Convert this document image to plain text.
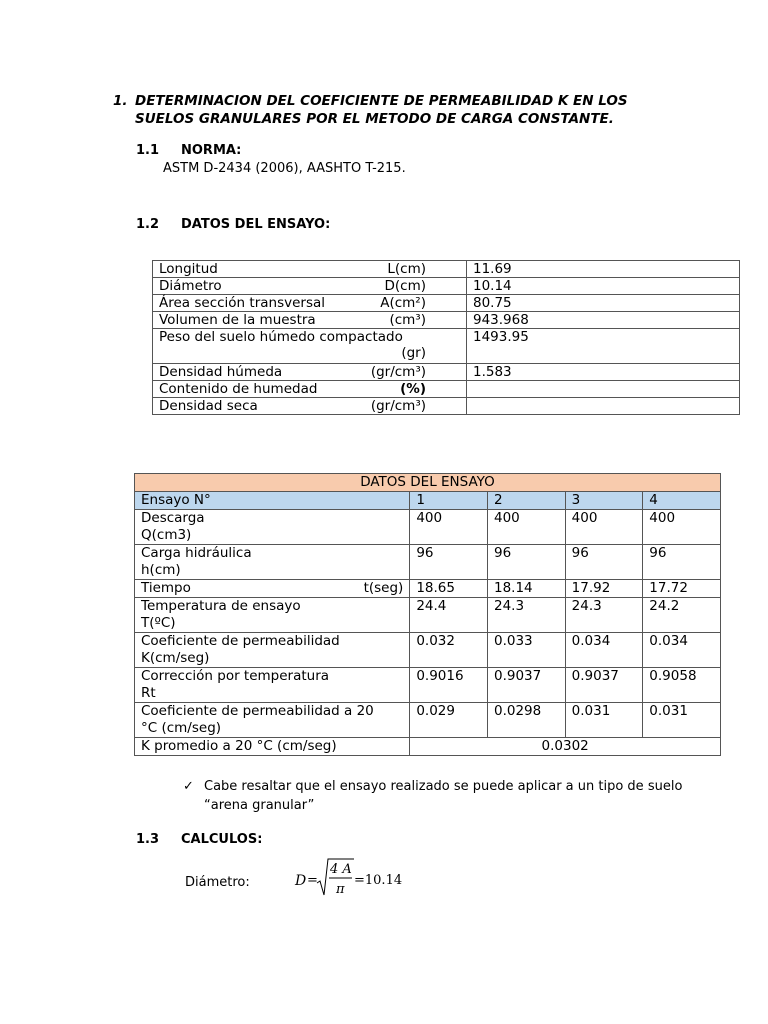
1. DETERMINACION DEL COEFICIENTE DE PERMEABILIDAD K EN LOS
SUELOS GRANULARES POR EL METODO DE CARGA CONSTANTE.
1.1 NORMA:
ASTM D-2434 (2006), AASHTO T-215.
1.2 DATOS DEL ENSAYO:
Longitud L(cm)	11.69
Diámetro D(cm)	10.14
Área sección transversal A(cm²)	80.75
Volumen de la muestra (cm³)	943.968

Peso del suelo húmedo compactado
(gr)	1493.95
Densidad húmeda (gr/cm³)	1.583
Contenido de humedad (%)	

Densidad seca (gr/cm³)	

DATOS DEL ENSAYO				
Ensayo N°	1	2	3	4

Descarga
Q(cm3)	400	400	400	400

Carga hidráulica
h(cm)	96	96	96	96
Tiempo t(seg)	18.65	18.14	17.92	17.72

Temperatura de ensayo
T(ºC)	24.4	24.3	24.3	24.2

Coeficiente de permeabilidad
K(cm/seg)	0.032	0.033	0.034	0.034

Corrección por temperatura
Rt	0.9016	0.9037	0.9037	0.9058

Coeficiente de permeabilidad a 20
°C (cm/seg)	0.029	0.0298	0.031	0.031
K promedio a 20 °C (cm/seg)	0.0302			
✓ Cabe resaltar que el ensayo realizado se puede aplicar a un tipo de suelo “arena granular”
1.3 CALCULOS:
Diámetro:	D =
4 A
π
=10.14
